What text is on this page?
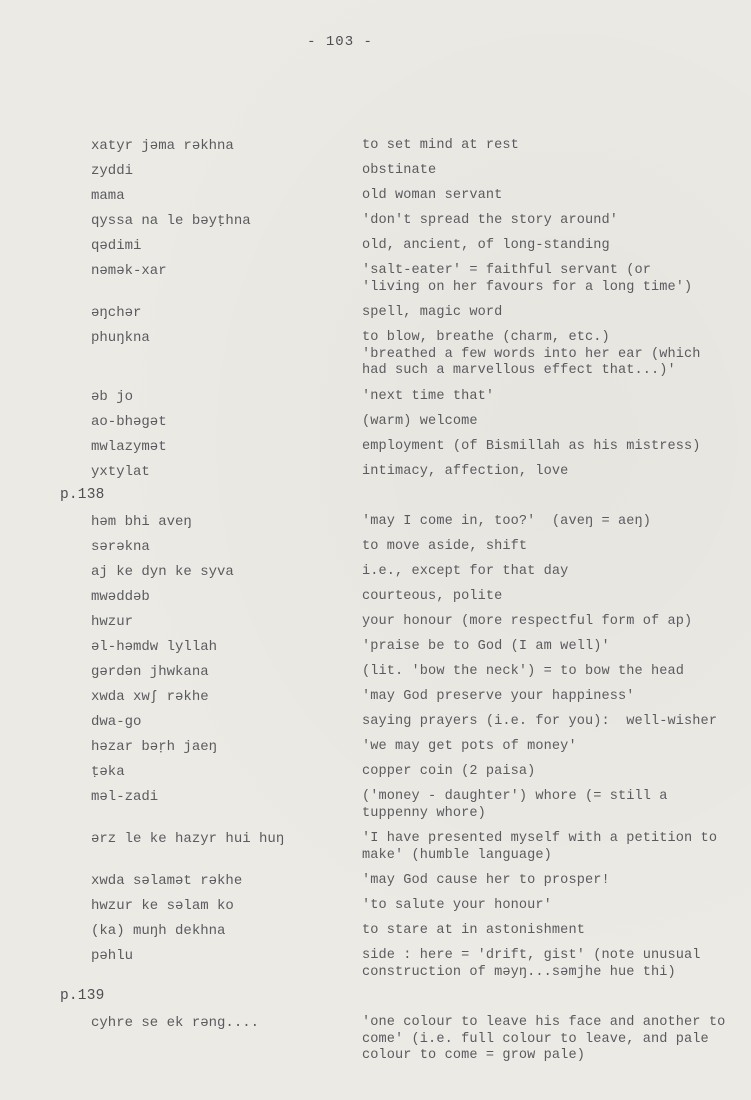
- 103 -
xatyr jəma rəkhna	to set mind at rest
zyddi	obstinate
mama	old woman servant
qyssa na le bəyṭhna	'don't spread the story around'
qədimi	old, ancient, of long-standing
nəmək-xar	'salt-eater' = faithful servant (or
'living on her favours for a long time')
əŋchər	spell, magic word
phuŋkna	to blow, breathe (charm, etc.)
'breathed a few words into her ear (which
had such a marvellous effect that...)'
əb jo	'next time that'
ao-bhəgət	(warm) welcome
mwlazymət	employment (of Bismillah as his mistress)
yxtylat	intimacy, affection, love
p.138
həm bhi aveŋ	'may I come in, too?'  (aveŋ = aeŋ)
sərəkna	to move aside, shift
aj ke dyn ke syva	i.e., except for that day
mwəddəb	courteous, polite
hwzur	your honour (more respectful form of ap)
əl-həmdw lyllah	'praise be to God (I am well)'
gərdən jhwkana	(lit. 'bow the neck') = to bow the head
xwda xwʃ rəkhe	'may God preserve your happiness'
dwa-go	saying prayers (i.e. for you):  well-wisher
həzar bəṛh jaeŋ	'we may get pots of money'
ṭəka	copper coin (2 paisa)
məl-zadi	('money - daughter') whore (= still a
tuppenny whore)
ərz le ke hazyr hui huŋ	'I have presented myself with a petition to
make' (humble language)
xwda səlamət rəkhe	'may God cause her to prosper!
hwzur ke səlam ko	'to salute your honour'
(ka) muŋh dekhna	to stare at in astonishment
pəhlu	side : here = 'drift, gist' (note unusual
construction of məyŋ...səmjhe hue thi)
p.139
cyhre se ek rəng....	'one colour to leave his face and another to
come' (i.e. full colour to leave, and pale
colour to come = grow pale)
